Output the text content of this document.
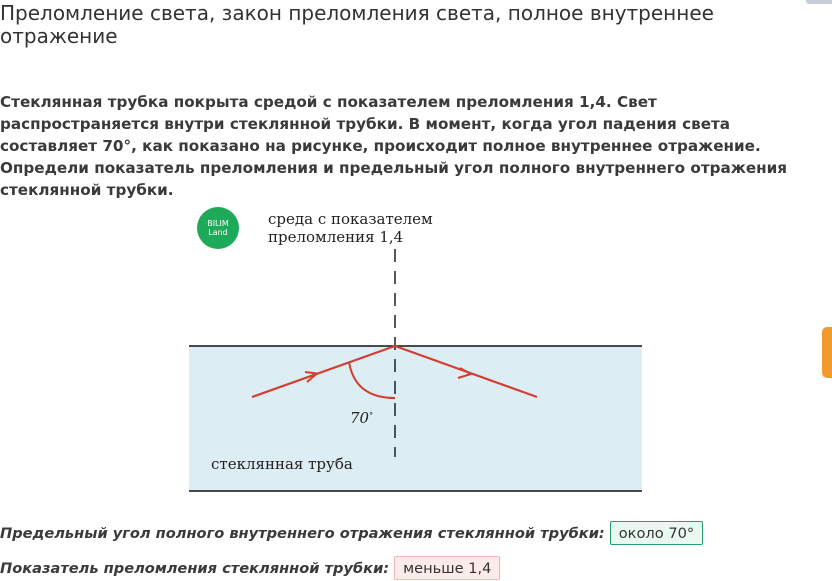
Преломление света, закон преломления света, полное внутреннее отражение

Стеклянная трубка покрыта средой с показателем преломления 1,4. Свет распространяется внутри стеклянной трубки. В момент, когда угол падения света составляет 70°, как показано на рисунке, происходит полное внутреннее отражение. Определи показатель преломления и предельный угол полного внутреннего отражения стеклянной трубки.

BILIM
Land
среда с показателем
преломления 1,4
70°
стеклянная труба
Предельный угол полного внутреннего отражения стеклянной трубки: около 70°
Показатель преломления стеклянной трубки: меньше 1,4
